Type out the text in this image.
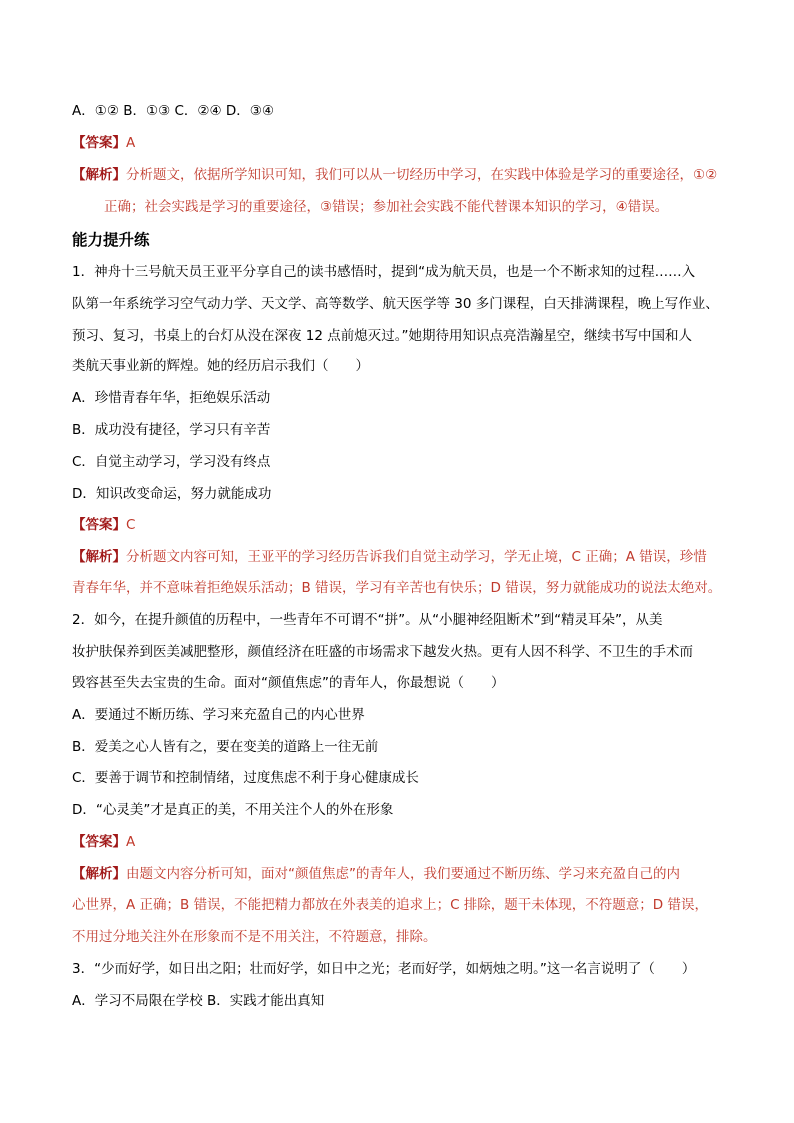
A．①② B．①③ C．②④ D．③④
【答案】A
【解析】分析题文，依据所学知识可知，我们可以从一切经历中学习，在实践中体验是学习的重要途径，①②
正确；社会实践是学习的重要途径，③错误；参加社会实践不能代替课本知识的学习，④错误。
能力提升练
1．神舟十三号航天员王亚平分享自己的读书感悟时，提到“成为航天员，也是一个不断求知的过程……入
队第一年系统学习空气动力学、天文学、高等数学、航天医学等 30 多门课程，白天排满课程，晚上写作业、
预习、复习，书桌上的台灯从没在深夜 12 点前熄灭过。”她期待用知识点亮浩瀚星空，继续书写中国和人
类航天事业新的辉煌。她的经历启示我们（　　）
A．珍惜青春年华，拒绝娱乐活动
B．成功没有捷径，学习只有辛苦
C．自觉主动学习，学习没有终点
D．知识改变命运，努力就能成功
【答案】C
【解析】分析题文内容可知，王亚平的学习经历告诉我们自觉主动学习，学无止境，C 正确；A 错误，珍惜
青春年华，并不意味着拒绝娱乐活动；B 错误，学习有辛苦也有快乐；D 错误，努力就能成功的说法太绝对。
2．如今，在提升颜值的历程中，一些青年不可谓不“拼”。从“小腿神经阻断术”到“精灵耳朵”，从美
妆护肤保养到医美减肥整形，颜值经济在旺盛的市场需求下越发火热。更有人因不科学、不卫生的手术而
毁容甚至失去宝贵的生命。面对“颜值焦虑”的青年人，你最想说（　　）
A．要通过不断历练、学习来充盈自己的内心世界
B．爱美之心人皆有之，要在变美的道路上一往无前
C．要善于调节和控制情绪，过度焦虑不利于身心健康成长
D．“心灵美”才是真正的美，不用关注个人的外在形象
【答案】A
【解析】由题文内容分析可知，面对“颜值焦虑”的青年人，我们要通过不断历练、学习来充盈自己的内
心世界，A 正确；B 错误，不能把精力都放在外表美的追求上；C 排除，题干未体现，不符题意；D 错误，
不用过分地关注外在形象而不是不用关注，不符题意，排除。
3．“少而好学，如日出之阳；壮而好学，如日中之光；老而好学，如炳烛之明。”这一名言说明了（　　）
A．学习不局限在学校 B．实践才能出真知
